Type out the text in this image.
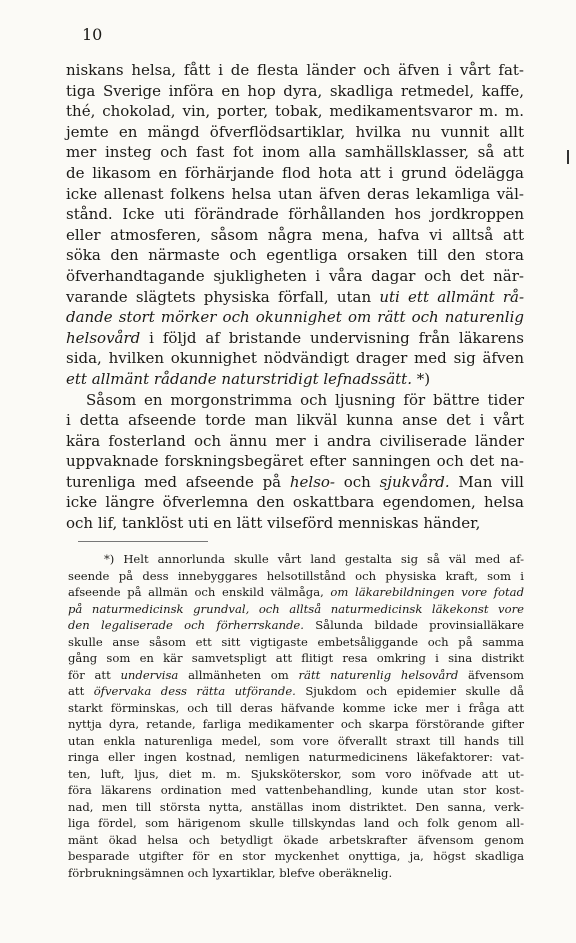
10
niskans helsa, fått i de flesta länder och äfven i vårt fat-
tiga Sverige införa en hop dyra, skadliga retmedel, kaffe,
thé, chokolad, vin, porter, tobak, medikamentsvaror m. m.
jemte en mängd öfverflödsartiklar, hvilka nu vunnit allt
mer insteg och fast fot inom alla samhällsklasser, så att
de likasom en förhärjande flod hota att i grund ödelägga
icke allenast folkens helsa utan äfven deras lekamliga väl-
stånd. Icke uti förändrade förhållanden hos jordkroppen
eller atmosferen, såsom några mena, hafva vi alltså att
söka den närmaste och egentliga orsaken till den stora
öfverhandtagande sjukligheten i våra dagar och det när-
varande slägtets physiska förfall, utan uti ett allmänt rå-
dande stort mörker och okunnighet om rätt och naturenlig
helsovård i följd af bristande undervisning från läkarens
sida, hvilken okunnighet nödvändigt drager med sig äfven
ett allmänt rådande naturstridigt lefnadssätt. *)
Såsom en morgonstrimma och ljusning för bättre tider
i detta afseende torde man likväl kunna anse det i vårt
kära fosterland och ännu mer i andra civiliserade länder
uppvaknade forskningsbegäret efter sanningen och det na-
turenliga med afseende på helso- och sjukvård. Man vill
icke längre öfverlemna den oskattbara egendomen, helsa
och lif, tanklöst uti en lätt vilseförd menniskas händer,
*) Helt annorlunda skulle vårt land gestalta sig så väl med af-
seende på dess innebyggares helsotillstånd och physiska kraft, som i
afseende på allmän och enskild välmåga, om läkarebildningen vore fotad
på naturmedicinsk grundval, och alltså naturmedicinsk läkekonst vore
den legaliserade och förherrskande. Sålunda bildade provinsialläkare
skulle anse såsom ett sitt vigtigaste embetsåliggande och på samma
gång som en kär samvetspligt att flitigt resa omkring i sina distrikt
för att undervisa allmänheten om rätt naturenlig helsovård äfvensom
att öfvervaka dess rätta utförande. Sjukdom och epidemier skulle då
starkt förminskas, och till deras häfvande komme icke mer i fråga att
nyttja dyra, retande, farliga medikamenter och skarpa förstörande gifter
utan enkla naturenliga medel, som vore öfverallt straxt till hands till
ringa eller ingen kostnad, nemligen naturmedicinens läkefaktorer: vat-
ten, luft, ljus, diet m. m. Sjuksköterskor, som voro inöfvade att ut-
föra läkarens ordination med vattenbehandling, kunde utan stor kost-
nad, men till största nytta, anställas inom distriktet. Den sanna, verk-
liga fördel, som härigenom skulle tillskyndas land och folk genom all-
mänt ökad helsa och betydligt ökade arbetskrafter äfvensom genom
besparade utgifter för en stor myckenhet onyttiga, ja, högst skadliga
förbrukningsämnen och lyxartiklar, blefve oberäknelig.
